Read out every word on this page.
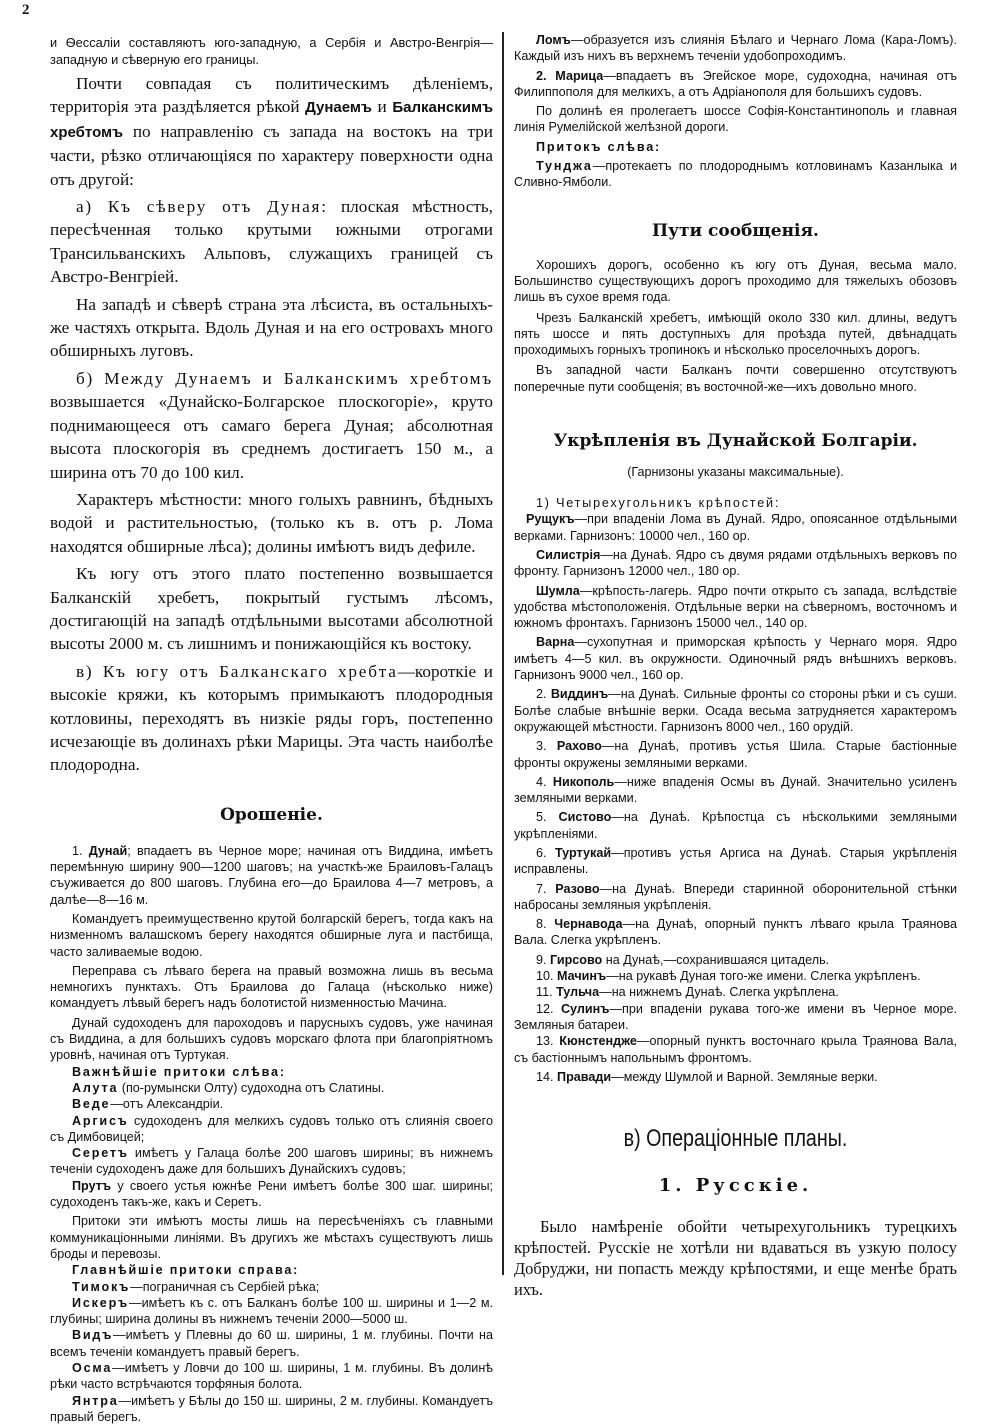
2

и Ѳессаліи составляютъ юго-западную, а Сербія и Австро-Венгрія—западную и сѣверную его границы.

Почти совпадая съ политическимъ дѣленіемъ, территорія эта раздѣляется рѣкой Дунаемъ и Балканскимъ хребтомъ по направленію съ запада на востокъ на три части, рѣзко отличающіяся по характеру поверхности одна отъ другой:

а) Къ сѣверу отъ Дуная: плоская мѣстность, пересѣченная только крутыми южными отрогами Трансильванскихъ Альповъ, служащихъ границей съ Австро-Венгріей.

На западѣ и сѣверѣ страна эта лѣсиста, въ остальныхъ-же частяхъ открыта. Вдоль Дуная и на его островахъ много обширныхъ луговъ.

б) Между Дунаемъ и Балканскимъ хребтомъ возвышается «Дунайско-Болгарское плоскогоріе», круто поднимающееся отъ самаго берега Дуная; абсолютная высота плоскогорія въ среднемъ достигаетъ 150 м., а ширина отъ 70 до 100 кил.

Характеръ мѣстности: много голыхъ равнинъ, бѣдныхъ водой и растительностью, (только къ в. отъ р. Лома находятся обширные лѣса); долины имѣютъ видъ дефиле.

Къ югу отъ этого плато постепенно возвышается Балканскій хребетъ, покрытый густымъ лѣсомъ, достигающій на западѣ отдѣльными высотами абсолютной высоты 2000 м. съ лишнимъ и понижающійся къ востоку.

в) Къ югу отъ Балканскаго хребта—короткіе и высокіе кряжи, къ которымъ примыкаютъ плодородныя котловины, переходятъ въ низкіе ряды горъ, постепенно исчезающіе въ долинахъ рѣки Марицы. Эта часть наиболѣе плодородна.

Орошеніе.

1. Дунай; впадаетъ въ Черное море; начиная отъ Виддина, имѣетъ перемѣнную ширину 900—1200 шаговъ; на участкѣ-же Браиловъ-Галацъ съуживается до 800 шаговъ. Глубина его—до Браилова 4—7 метровъ, а далѣе—8—16 м.

Командуетъ преимущественно крутой болгарскій берегъ, тогда какъ на низменномъ валашскомъ берегу находятся обширные луга и пастбища, часто заливаемые водою.

Переправа съ лѣваго берега на правый возможна лишь въ весьма немногихъ пунктахъ. Отъ Браилова до Галаца (нѣсколько ниже) командуетъ лѣвый берегъ надъ болотистой низменностью Мачина.

Дунай судоходенъ для пароходовъ и парусныхъ судовъ, уже начиная съ Виддина, а для большихъ судовъ морскаго флота при благопріятномъ уровнѣ, начиная отъ Туртукая.

Важнѣйшіе притоки слѣва:

Алута (по-румынски Олту) судоходна отъ Слатины.

Веде—отъ Александріи.

Аргисъ судоходенъ для мелкихъ судовъ только отъ слиянія своего съ Димбовицей;

Серетъ имѣетъ у Галаца болѣе 200 шаговъ ширины; въ нижнемъ теченіи судоходенъ даже для большихъ Дунайскихъ судовъ;

Прутъ у своего устья южнѣе Рени имѣетъ болѣе 300 шаг. ширины; судоходенъ такъ-же, какъ и Серетъ.

Притоки эти имѣютъ мосты лишь на пересѣченіяхъ съ главными коммуникаціонными линіями. Въ другихъ же мѣстахъ существуютъ лишь броды и перевозы.

Главнѣйшіе притоки справа:

Тимокъ—пограничная съ Сербіей рѣка;

Искеръ—имѣетъ къ с. отъ Балканъ болѣе 100 ш. ширины и 1—2 м. глубины; ширина долины въ нижнемъ теченіи 2000—5000 ш.

Видъ—имѣетъ у Плевны до 60 ш. ширины, 1 м. глубины. Почти на всемъ теченіи командуетъ правый берегъ.

Осма—имѣетъ у Ловчи до 100 ш. ширины, 1 м. глубины. Въ долинѣ рѣки часто встрѣчаются торфяныя болота.

Янтра—имѣетъ у Бѣлы до 150 ш. ширины, 2 м. глубины. Командуетъ правый берегъ.

Ломъ—образуется изъ слиянія Бѣлаго и Чернаго Лома (Кара-Ломъ). Каждый изъ нихъ въ верхнемъ теченіи удобопроходимъ.

2. Марица—впадаетъ въ Эгейское море, судоходна, начиная отъ Филиппополя для мелкихъ, а отъ Адріанополя для большихъ судовъ.

По долинѣ ея пролегаетъ шоссе Софія-Константинополь и главная линія Румелійской желѣзной дороги.

Притокъ слѣва:

Тунджа—протекаетъ по плодороднымъ котловинамъ Казанлыка и Сливно-Ямболи.

Пути сообщенія.

Хорошихъ дорогъ, особенно къ югу отъ Дуная, весьма мало. Большинство существующихъ дорогъ проходимо для тяжелыхъ обозовъ лишь въ сухое время года.

Чрезъ Балканскій хребетъ, имѣющій около 330 кил. длины, ведутъ пять шоссе и пять доступныхъ для проѣзда путей, двѣнадцать проходимыхъ горныхъ тропинокъ и нѣсколько проселочныхъ дорогъ.

Въ западной части Балканъ почти совершенно отсутствуютъ поперечные пути сообщенія; въ восточной-же—ихъ довольно много.

Укрѣпленія въ Дунайской Болгаріи.
(Гарнизоны указаны максимальные).

1) Четырехугольникъ крѣпостей:

Рущукъ—при впаденіи Лома въ Дунай. Ядро, опоясанное отдѣльными верками. Гарнизонъ: 10000 чел., 160 ор.

Силистрія—на Дунаѣ. Ядро съ двумя рядами отдѣльныхъ верковъ по фронту. Гарнизонъ 12000 чел., 180 ор.

Шумла—крѣпость-лагерь. Ядро почти открыто съ запада, вслѣдствіе удобства мѣстоположенія. Отдѣльные верки на сѣверномъ, восточномъ и южномъ фронтахъ. Гарнизонъ 15000 чел., 140 ор.

Варна—сухопутная и приморская крѣпость у Чернаго моря. Ядро имѣетъ 4—5 кил. въ окружности. Одиночный рядъ внѣшнихъ верковъ. Гарнизонъ 9000 чел., 160 ор.

2. Виддинъ—на Дунаѣ. Сильные фронты со стороны рѣки и съ суши. Болѣе слабые внѣшніе верки. Осада весьма затрудняется характеромъ окружающей мѣстности. Гарнизонъ 8000 чел., 160 орудій.

3. Рахово—на Дунаѣ, противъ устья Шила. Старые бастіонные фронты окружены земляными верками.

4. Никополь—ниже впаденія Осмы въ Дунай. Значительно усиленъ земляными верками.

5. Систово—на Дунаѣ. Крѣпостца съ нѣсколькими земляными укрѣпленіями.

6. Туртукай—противъ устья Аргиса на Дунаѣ. Старыя укрѣпленія исправлены.

7. Разово—на Дунаѣ. Впереди старинной оборонительной стѣнки набросаны земляныя укрѣпленія.

8. Чернавода—на Дунаѣ, опорный пунктъ лѣваго крыла Траянова Вала. Слегка укрѣпленъ.

9. Гирсово на Дунаѣ,—сохранившаяся цитадель.

10. Мачинъ—на рукавѣ Дуная того-же имени. Слегка укрѣпленъ.

11. Тульча—на нижнемъ Дунаѣ. Слегка укрѣплена.

12. Сулинъ—при впаденіи рукава того-же имени въ Черное море. Земляныя батареи.

13. Кюнстендже—опорный пунктъ восточнаго крыла Траянова Вала, съ бастіоннымъ напольнымъ фронтомъ.

14. Правади—между Шумлой и Варной. Земляные верки.

в) Операціонные планы.
1. Русскіе.

Было намѣреніе обойти четырехугольникъ турецкихъ крѣпостей. Русскіе не хотѣли ни вдаваться въ узкую полосу Добруджи, ни попасть между крѣпостями, и еще менѣе брать ихъ.
